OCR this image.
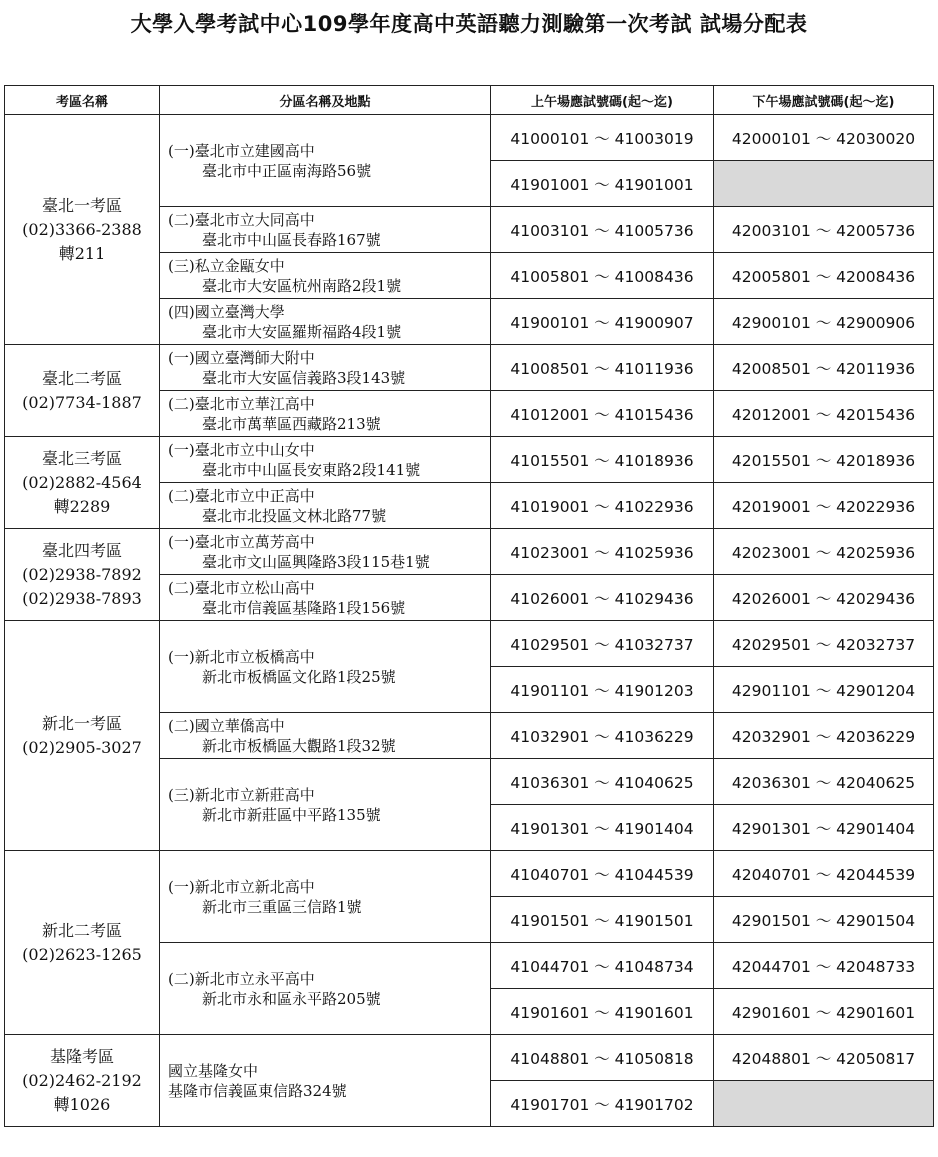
大學入學考試中心109學年度高中英語聽力測驗第一次考試 試場分配表
考區名稱	分區名稱及地點	上午場應試號碼(起～迄)	下午場應試號碼(起～迄)

臺北一考區
(02)3366-2388
轉211	(一)臺北市立建國高中
臺北市中正區南海路56號	41000101 ～ 41003019	42000101 ～ 42030020
		41901001 ～ 41901001	

	(二)臺北市立大同高中
臺北市中山區長春路167號	41003101 ～ 41005736	42003101 ～ 42005736

	(三)私立金甌女中
臺北市大安區杭州南路2段1號	41005801 ～ 41008436	42005801 ～ 42008436

	(四)國立臺灣大學
臺北市大安區羅斯福路4段1號	41900101 ～ 41900907	42900101 ～ 42900906

臺北二考區
(02)7734-1887	(一)國立臺灣師大附中
臺北市大安區信義路3段143號	41008501 ～ 41011936	42008501 ～ 42011936

	(二)臺北市立華江高中
臺北市萬華區西藏路213號	41012001 ～ 41015436	42012001 ～ 42015436

臺北三考區
(02)2882-4564
轉2289	(一)臺北市立中山女中
臺北市中山區長安東路2段141號	41015501 ～ 41018936	42015501 ～ 42018936

	(二)臺北市立中正高中
臺北市北投區文林北路77號	41019001 ～ 41022936	42019001 ～ 42022936

臺北四考區
(02)2938-7892
(02)2938-7893	(一)臺北市立萬芳高中
臺北市文山區興隆路3段115巷1號	41023001 ～ 41025936	42023001 ～ 42025936

	(二)臺北市立松山高中
臺北市信義區基隆路1段156號	41026001 ～ 41029436	42026001 ～ 42029436

新北一考區
(02)2905-3027	(一)新北市立板橋高中
新北市板橋區文化路1段25號	41029501 ～ 41032737	42029501 ～ 42032737
		41901101 ～ 41901203	42901101 ～ 42901204

	(二)國立華僑高中
新北市板橋區大觀路1段32號	41032901 ～ 41036229	42032901 ～ 42036229

	(三)新北市立新莊高中
新北市新莊區中平路135號	41036301 ～ 41040625	42036301 ～ 42040625
		41901301 ～ 41901404	42901301 ～ 42901404

新北二考區
(02)2623-1265	(一)新北市立新北高中
新北市三重區三信路1號	41040701 ～ 41044539	42040701 ～ 42044539
		41901501 ～ 41901501	42901501 ～ 42901504

	(二)新北市立永平高中
新北市永和區永平路205號	41044701 ～ 41048734	42044701 ～ 42048733
		41901601 ～ 41901601	42901601 ～ 42901601

基隆考區
(02)2462-2192
轉1026	國立基隆女中
基隆市信義區東信路324號	41048801 ～ 41050818	42048801 ～ 42050817
		41901701 ～ 41901702	
